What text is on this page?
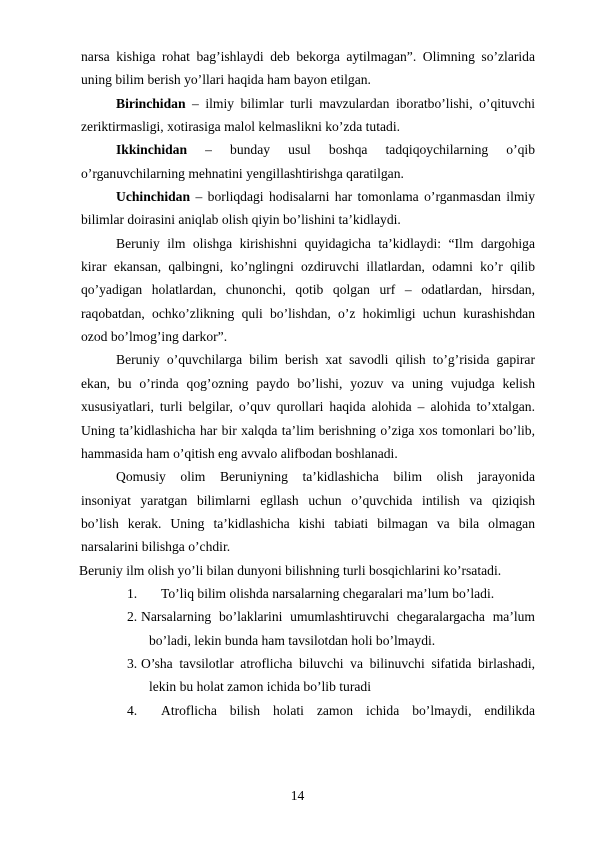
narsa kishiga rohat bag’ishlaydi deb bekorga aytilmagan”. Olimning so’zlarida
uning bilim berish yo’llari haqida ham bayon etilgan.
Birinchidan – ilmiy bilimlar turli mavzulardan iboratbo’lishi, o’qituvchi
zeriktirmasligi, xotirasiga malol kelmaslikni ko’zda tutadi.
Ikkinchidan – bunday usul boshqa tadqiqoychilarning o’qib
o’rganuvchilarning mehnatini yengillashtirishga qaratilgan.
Uchinchidan – borliqdagi hodisalarni har tomonlama o’rganmasdan ilmiy
bilimlar doirasini aniqlab olish qiyin bo’lishini ta’kidlaydi.
Beruniy ilm olishga kirishishni quyidagicha ta’kidlaydi: “Ilm dargohiga
kirar ekansan, qalbingni, ko’nglingni ozdiruvchi illatlardan, odamni ko’r qilib
qo’yadigan holatlardan, chunonchi, qotib qolgan urf – odatlardan, hirsdan,
raqobatdan, ochko’zlikning quli bo’lishdan, o’z hokimligi uchun kurashishdan
ozod bo’lmog’ing darkor”.
Beruniy o’quvchilarga bilim berish xat savodli qilish to’g’risida gapirar
ekan, bu o’rinda qog’ozning paydo bo’lishi, yozuv va uning vujudga kelish
xususiyatlari, turli belgilar, o’quv qurollari haqida alohida – alohida to’xtalgan.
Uning ta’kidlashicha har bir xalqda ta’lim berishning o’ziga xos tomonlari bo’lib,
hammasida ham o’qitish eng avvalo alifbodan boshlanadi.
Qomusiy olim Beruniyning ta’kidlashicha bilim olish jarayonida
insoniyat yaratgan bilimlarni egllash uchun o’quvchida intilish va qiziqish
bo’lish kerak. Uning ta’kidlashicha kishi tabiati bilmagan va bila olmagan
narsalarini bilishga o’chdir.
Beruniy ilm olish yo’li bilan dunyoni bilishning turli bosqichlarini ko’rsatadi.
1. To’liq bilim olishda narsalarning chegaralari ma’lum bo’ladi.
2. Narsalarning bo’laklarini umumlashtiruvchi chegaralargacha ma’lum
bo’ladi, lekin bunda ham tavsilotdan holi bo’lmaydi.
3. O’sha tavsilotlar atroflicha biluvchi va bilinuvchi sifatida birlashadi,
lekin bu holat zamon ichida bo’lib turadi
4. Atroflicha bilish holati zamon ichida bo’lmaydi, endilikda
14
